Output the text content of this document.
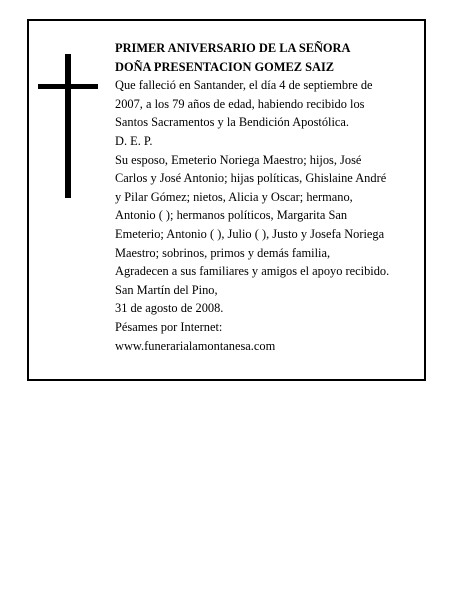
PRIMER ANIVERSARIO DE LA SEÑORA
DOÑA PRESENTACION GOMEZ SAIZ
Que falleció en Santander, el día 4 de septiembre de
2007, a los 79 años de edad, habiendo recibido los
Santos Sacramentos y la Bendición Apostólica.
D. E. P.
Su esposo, Emeterio Noriega Maestro; hijos, José
Carlos y José Antonio; hijas políticas, Ghislaine André
y Pilar Gómez; nietos, Alicia y Oscar; hermano,
Antonio ( ); hermanos políticos, Margarita San
Emeterio; Antonio ( ), Julio ( ), Justo y Josefa Noriega
Maestro; sobrinos, primos y demás familia,
Agradecen a sus familiares y amigos el apoyo recibido.
San Martín del Pino,
31 de agosto de 2008.
Pésames por Internet:
www.funerarialamontanesa.com
